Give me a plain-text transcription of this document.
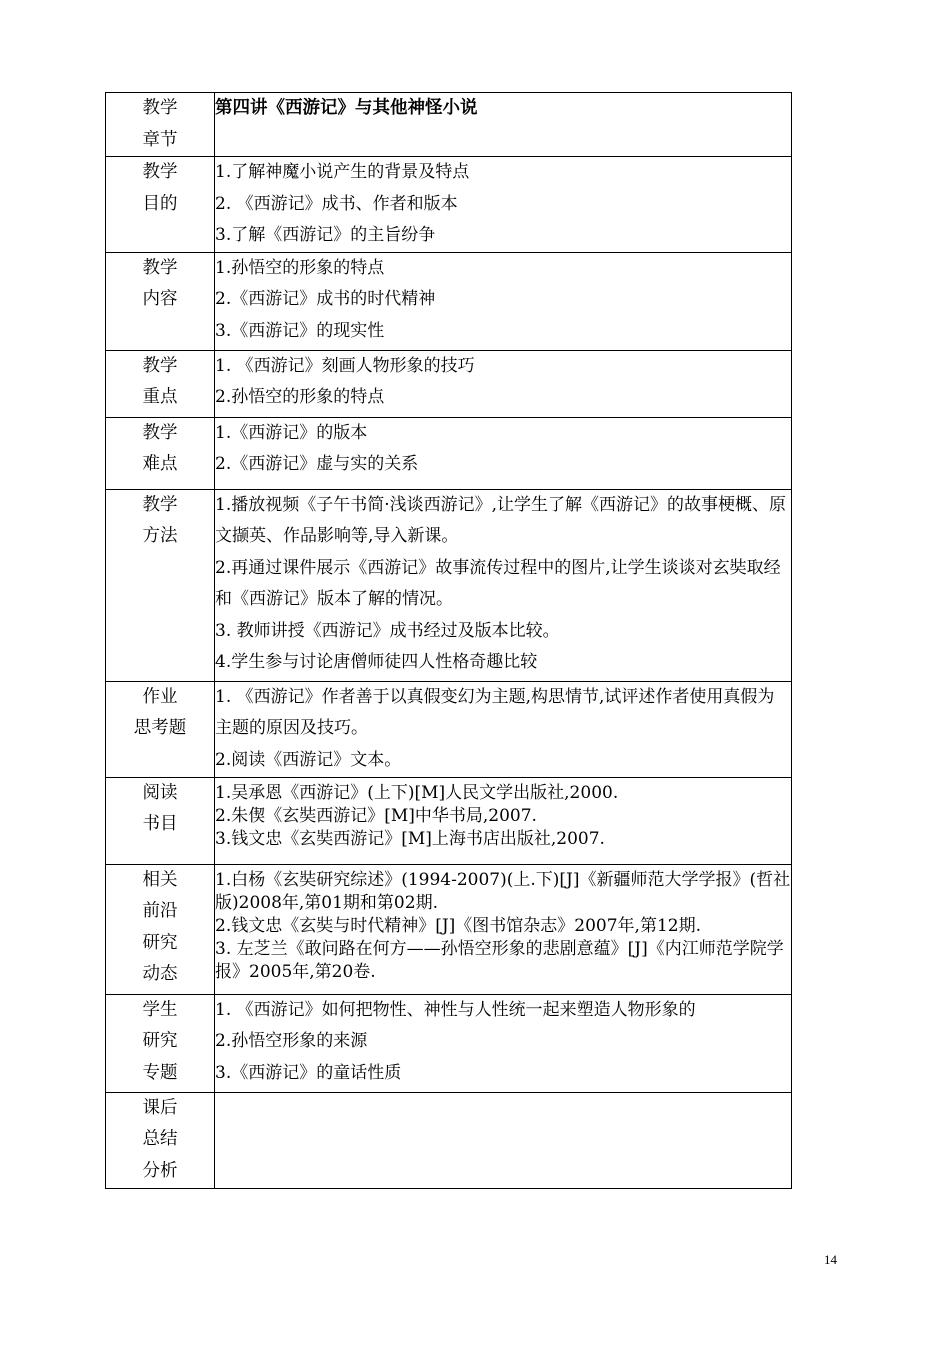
教学
章节	第四讲《西游记》与其他神怪小说

教学
目的	1.了解神魔小说产生的背景及特点
2. 《西游记》成书、作者和版本
3.了解《西游记》的主旨纷争

教学
内容	1.孙悟空的形象的特点
2.《西游记》成书的时代精神
3.《西游记》的现实性

教学
重点	1. 《西游记》刻画人物形象的技巧
2.孙悟空的形象的特点

教学
难点	1.《西游记》的版本
2.《西游记》虚与实的关系

教学
方法	1.播放视频《子午书简·浅谈西游记》,让学生了解《西游记》的故事梗概、原文撷英、作品影响等,导入新课。
2.再通过课件展示《西游记》故事流传过程中的图片,让学生谈谈对玄奘取经和《西游记》版本了解的情况。
3. 教师讲授《西游记》成书经过及版本比较。
4.学生参与讨论唐僧师徒四人性格奇趣比较

作业
思考题	1. 《西游记》作者善于以真假变幻为主题,构思情节,试评述作者使用真假为主题的原因及技巧。
2.阅读《西游记》文本。

阅读
书目	1.吴承恩《西游记》(上下)[M]人民文学出版社,2000.
2.朱偰《玄奘西游记》[M]中华书局,2007.
3.钱文忠《玄奘西游记》[M]上海书店出版社,2007.

相关
前沿
研究
动态	1.白杨《玄奘研究综述》(1994-2007)(上.下)[J]《新疆师范大学学报》(哲社版)2008年,第01期和第02期.
2.钱文忠《玄奘与时代精神》[J]《图书馆杂志》2007年,第12期.
3. 左芝兰《敢问路在何方——孙悟空形象的悲剧意蕴》[J]《内江师范学院学报》2005年,第20卷.

学生
研究
专题	1. 《西游记》如何把物性、神性与人性统一起来塑造人物形象的
2.孙悟空形象的来源
3.《西游记》的童话性质

课后
总结
分析	

14
